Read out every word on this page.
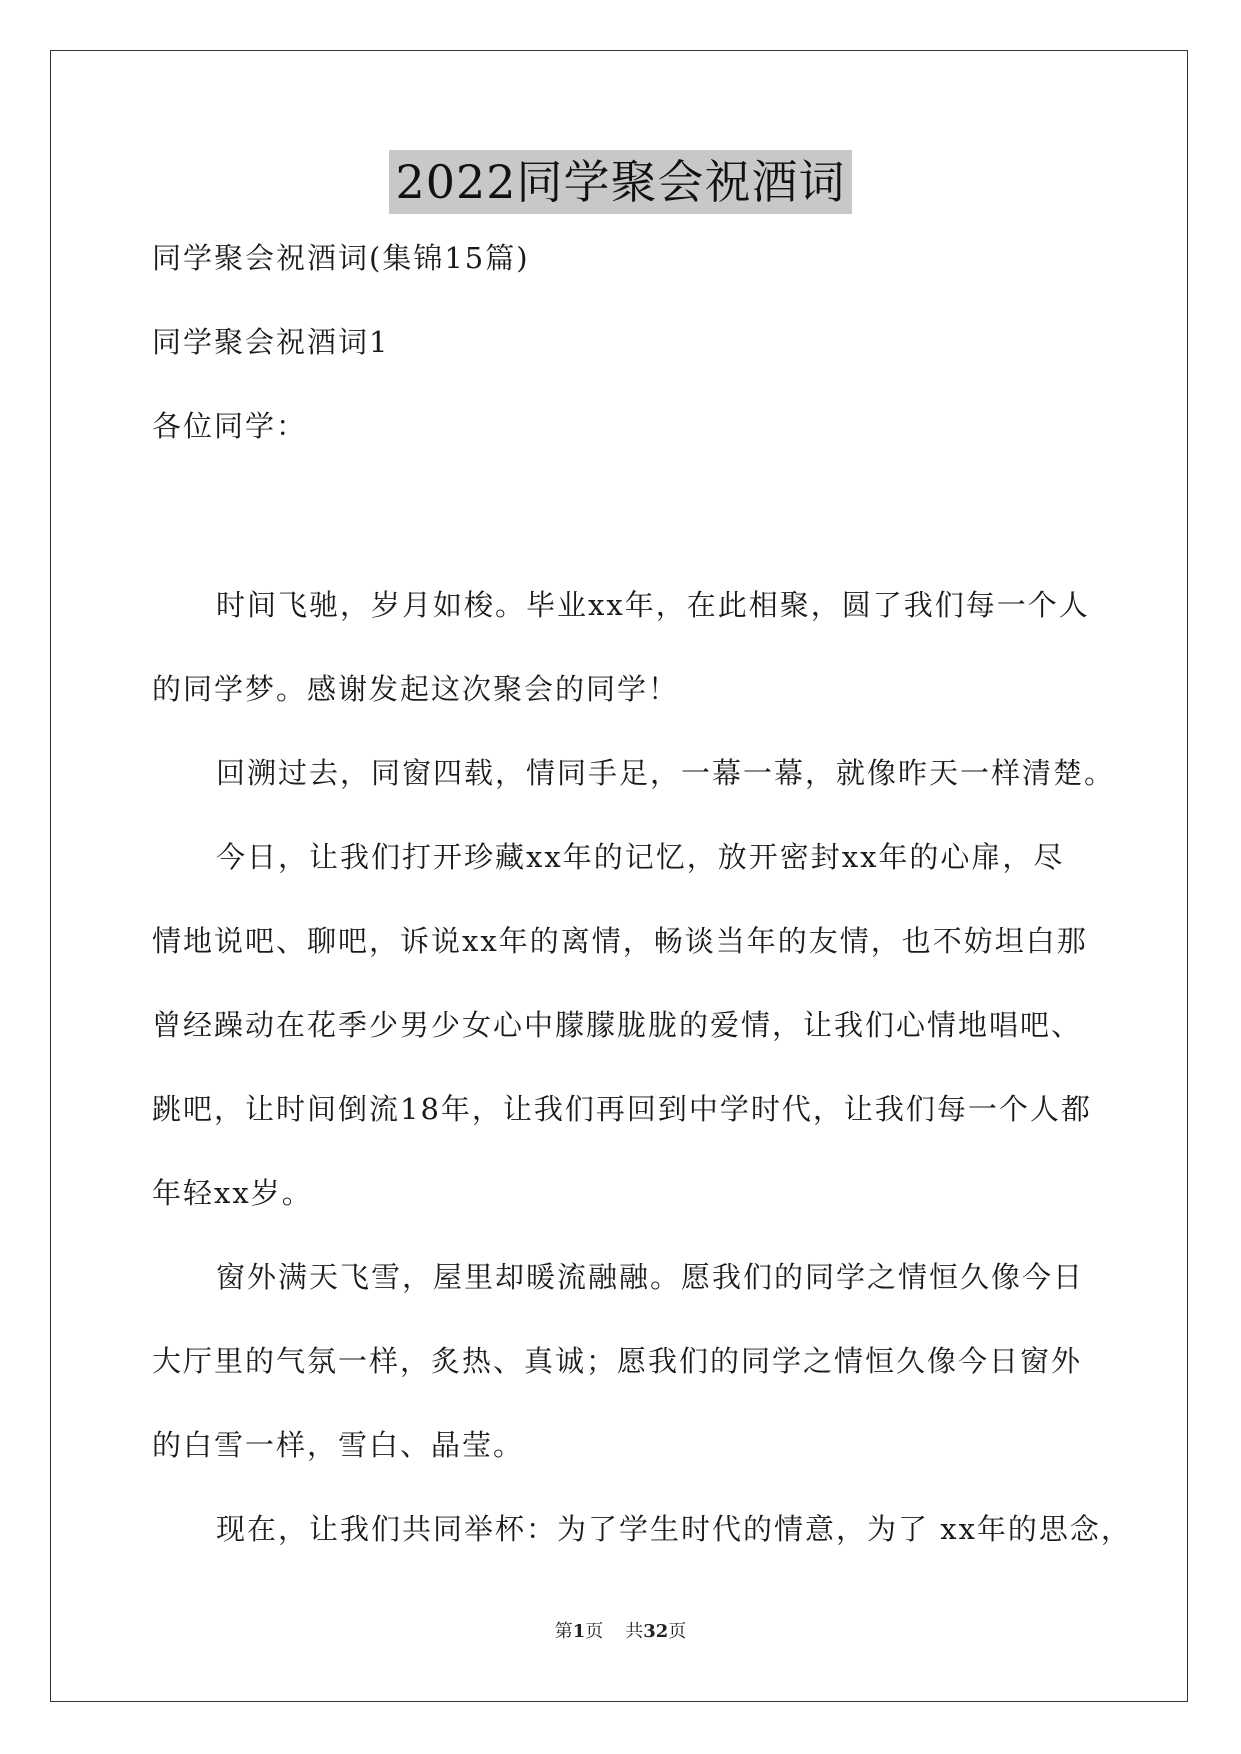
2022同学聚会祝酒词
同学聚会祝酒词(集锦15篇)
同学聚会祝酒词1
各位同学：
时间飞驰，岁月如梭。毕业xx年，在此相聚，圆了我们每一个人
的同学梦。感谢发起这次聚会的同学！
回溯过去，同窗四载，情同手足，一幕一幕，就像昨天一样清楚。
今日，让我们打开珍藏xx年的记忆，放开密封xx年的心扉，尽
情地说吧、聊吧，诉说xx年的离情，畅谈当年的友情，也不妨坦白那
曾经躁动在花季少男少女心中朦朦胧胧的爱情，让我们心情地唱吧、
跳吧，让时间倒流18年，让我们再回到中学时代，让我们每一个人都
年轻xx岁。
窗外满天飞雪，屋里却暖流融融。愿我们的同学之情恒久像今日
大厅里的气氛一样，炙热、真诚；愿我们的同学之情恒久像今日窗外
的白雪一样，雪白、晶莹。
现在，让我们共同举杯：为了学生时代的情意，为了 xx年的思念，
第1页 共32页
